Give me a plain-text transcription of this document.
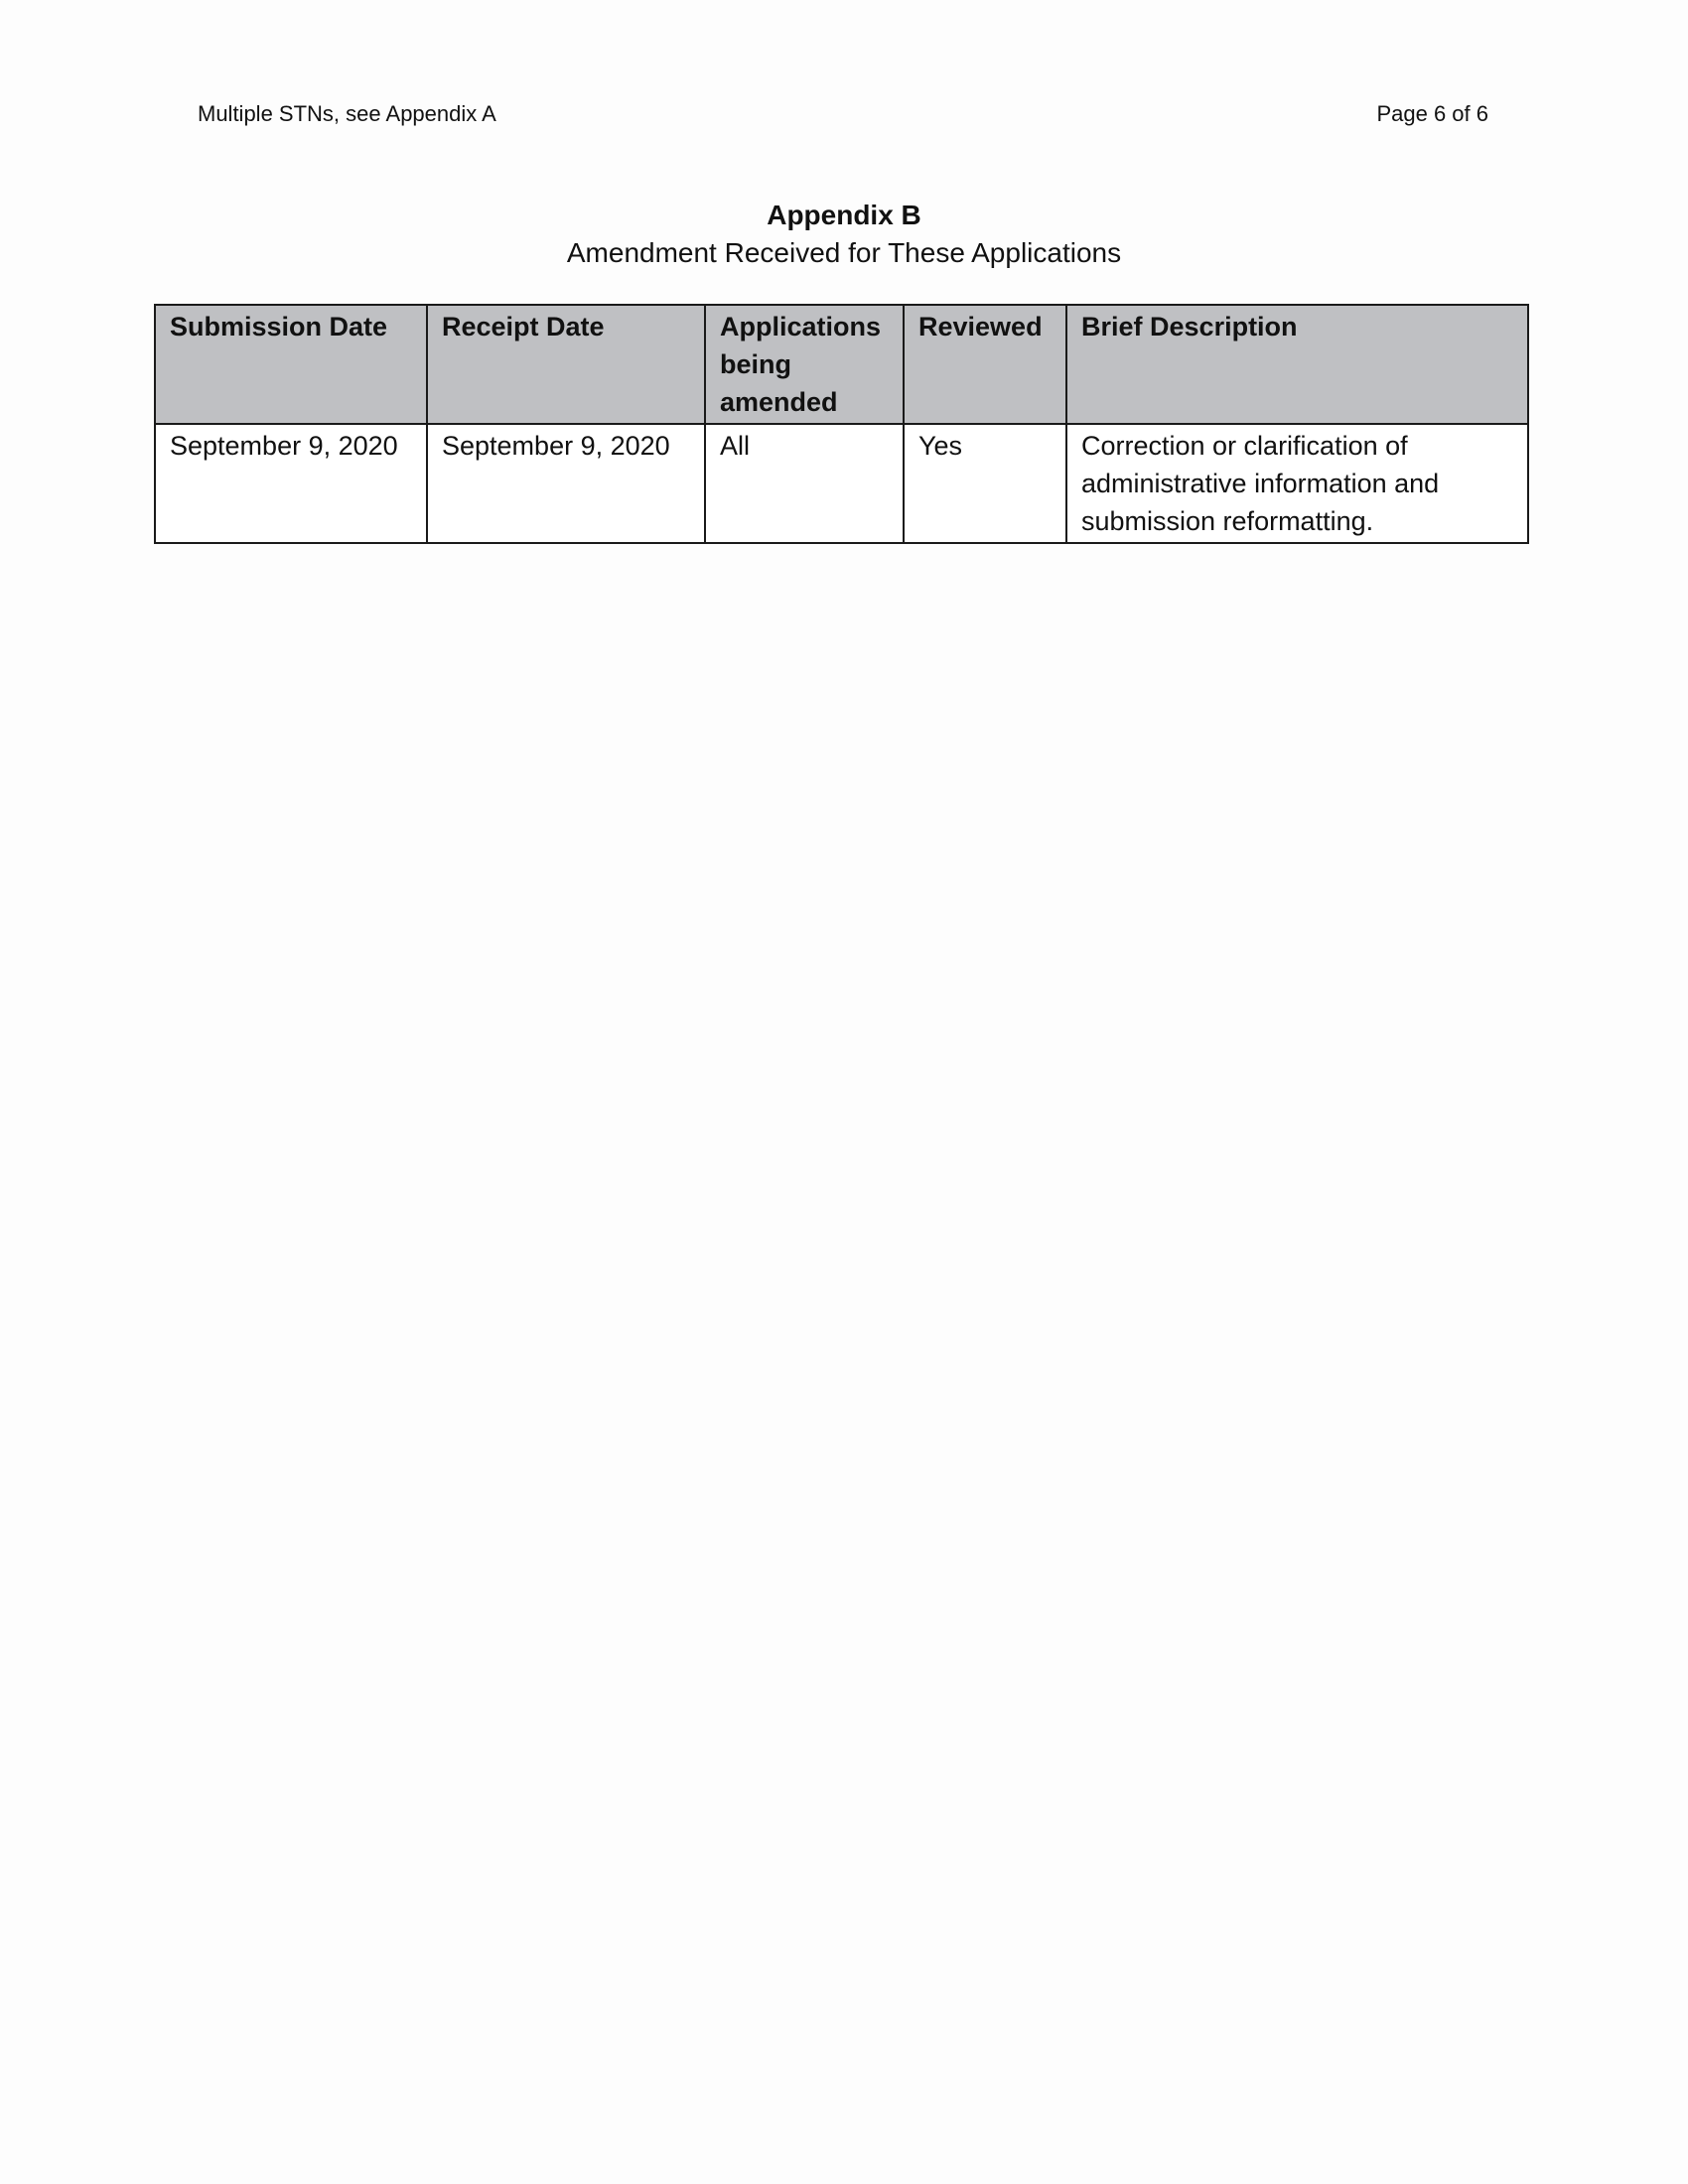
Multiple STNs, see Appendix A	Page 6 of 6
Appendix B
Amendment Received for These Applications
Submission Date	Receipt Date	Applications being amended	Reviewed	Brief Description
September 9, 2020	September 9, 2020	All	Yes	Correction or clarification of administrative information and submission reformatting.
